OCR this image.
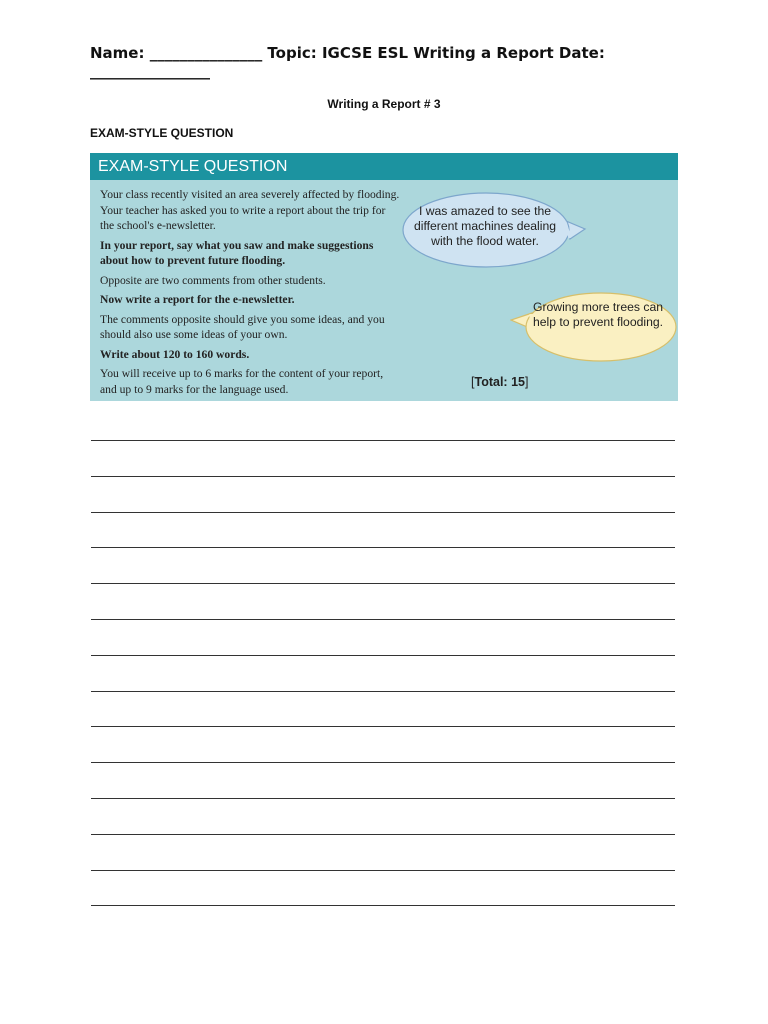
Name: _______________ Topic: IGCSE ESL Writing a Report Date:
________________
Writing a Report # 3
EXAM-STYLE QUESTION
EXAM-STYLE QUESTION

Your class recently visited an area severely affected by flooding. Your teacher has asked you to write a report about the trip for the school's e-newsletter.

In your report, say what you saw and make suggestions about how to prevent future flooding.

Opposite are two comments from other students.

Now write a report for the e-newsletter.

The comments opposite should give you some ideas, and you should also use some ideas of your own.

Write about 120 to 160 words.

You will receive up to 6 marks for the content of your report, and up to 9 marks for the language used.

I was amazed to see the different machines dealing with the flood water.
Growing more trees can help to prevent flooding.
[Total: 15]
